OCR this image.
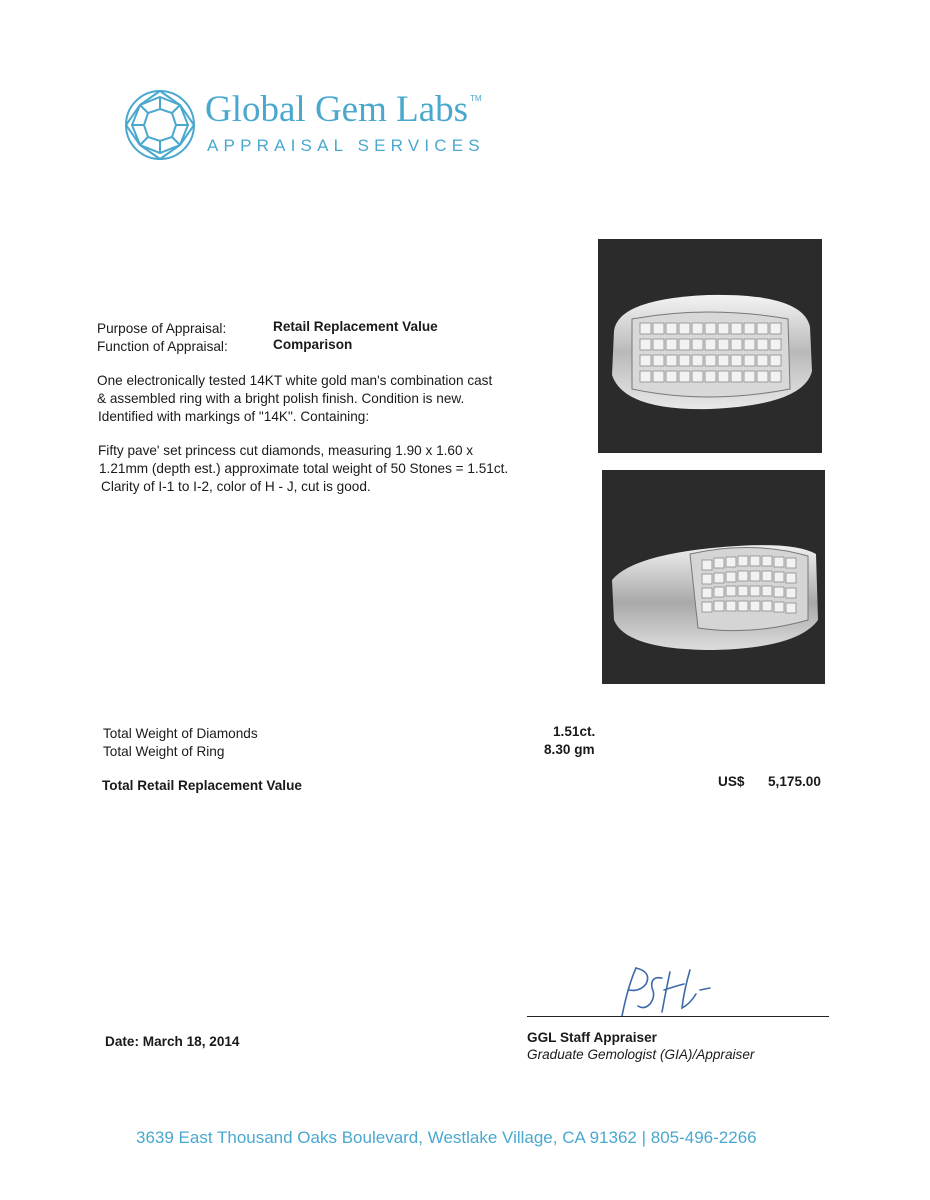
Global Gem Labs ™
APPRAISAL SERVICES
Purpose of Appraisal:	Retail Replacement Value
Function of Appraisal:	Comparison
One electronically tested 14KT white gold man's combination cast
& assembled ring with a bright polish finish. Condition is new.
Identified with markings of "14K". Containing:
Fifty pave' set princess cut diamonds, measuring 1.90 x 1.60 x
1.21mm (depth est.) approximate total weight of 50 Stones = 1.51ct.
Clarity of I-1 to I-2, color of H - J, cut is good.
Total Weight of Diamonds	1.51ct.
Total Weight of Ring	8.30 gm
Total Retail Replacement Value	US$ 5,175.00
Date: March 18, 2014	GGL Staff Appraiser
Graduate Gemologist (GIA)/Appraiser
3639 East Thousand Oaks Boulevard, Westlake Village, CA 91362 | 805-496-2266
